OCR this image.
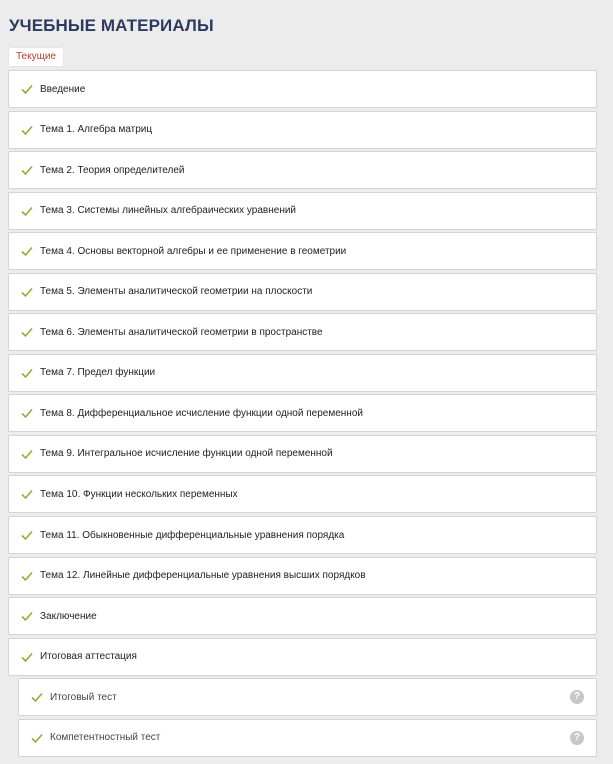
УЧЕБНЫЕ МАТЕРИАЛЫ
Текущие
Введение
Тема 1. Алгебра матриц
Тема 2. Теория определителей
Тема 3. Системы линейных алгебраических уравнений
Тема 4. Основы векторной алгебры и ее применение в геометрии
Тема 5. Элементы аналитической геометрии на плоскости
Тема 6. Элементы аналитической геометрии в пространстве
Тема 7. Предел функции
Тема 8. Дифференциальное исчисление функции одной переменной
Тема 9. Интегральное исчисление функции одной переменной
Тема 10. Функции нескольких переменных
Тема 11. Обыкновенные дифференциальные уравнения порядка
Тема 12. Линейные дифференциальные уравнения высших порядков
Заключение
Итоговая аттестация
Итоговый тест	?
Компетентностный тест	?
